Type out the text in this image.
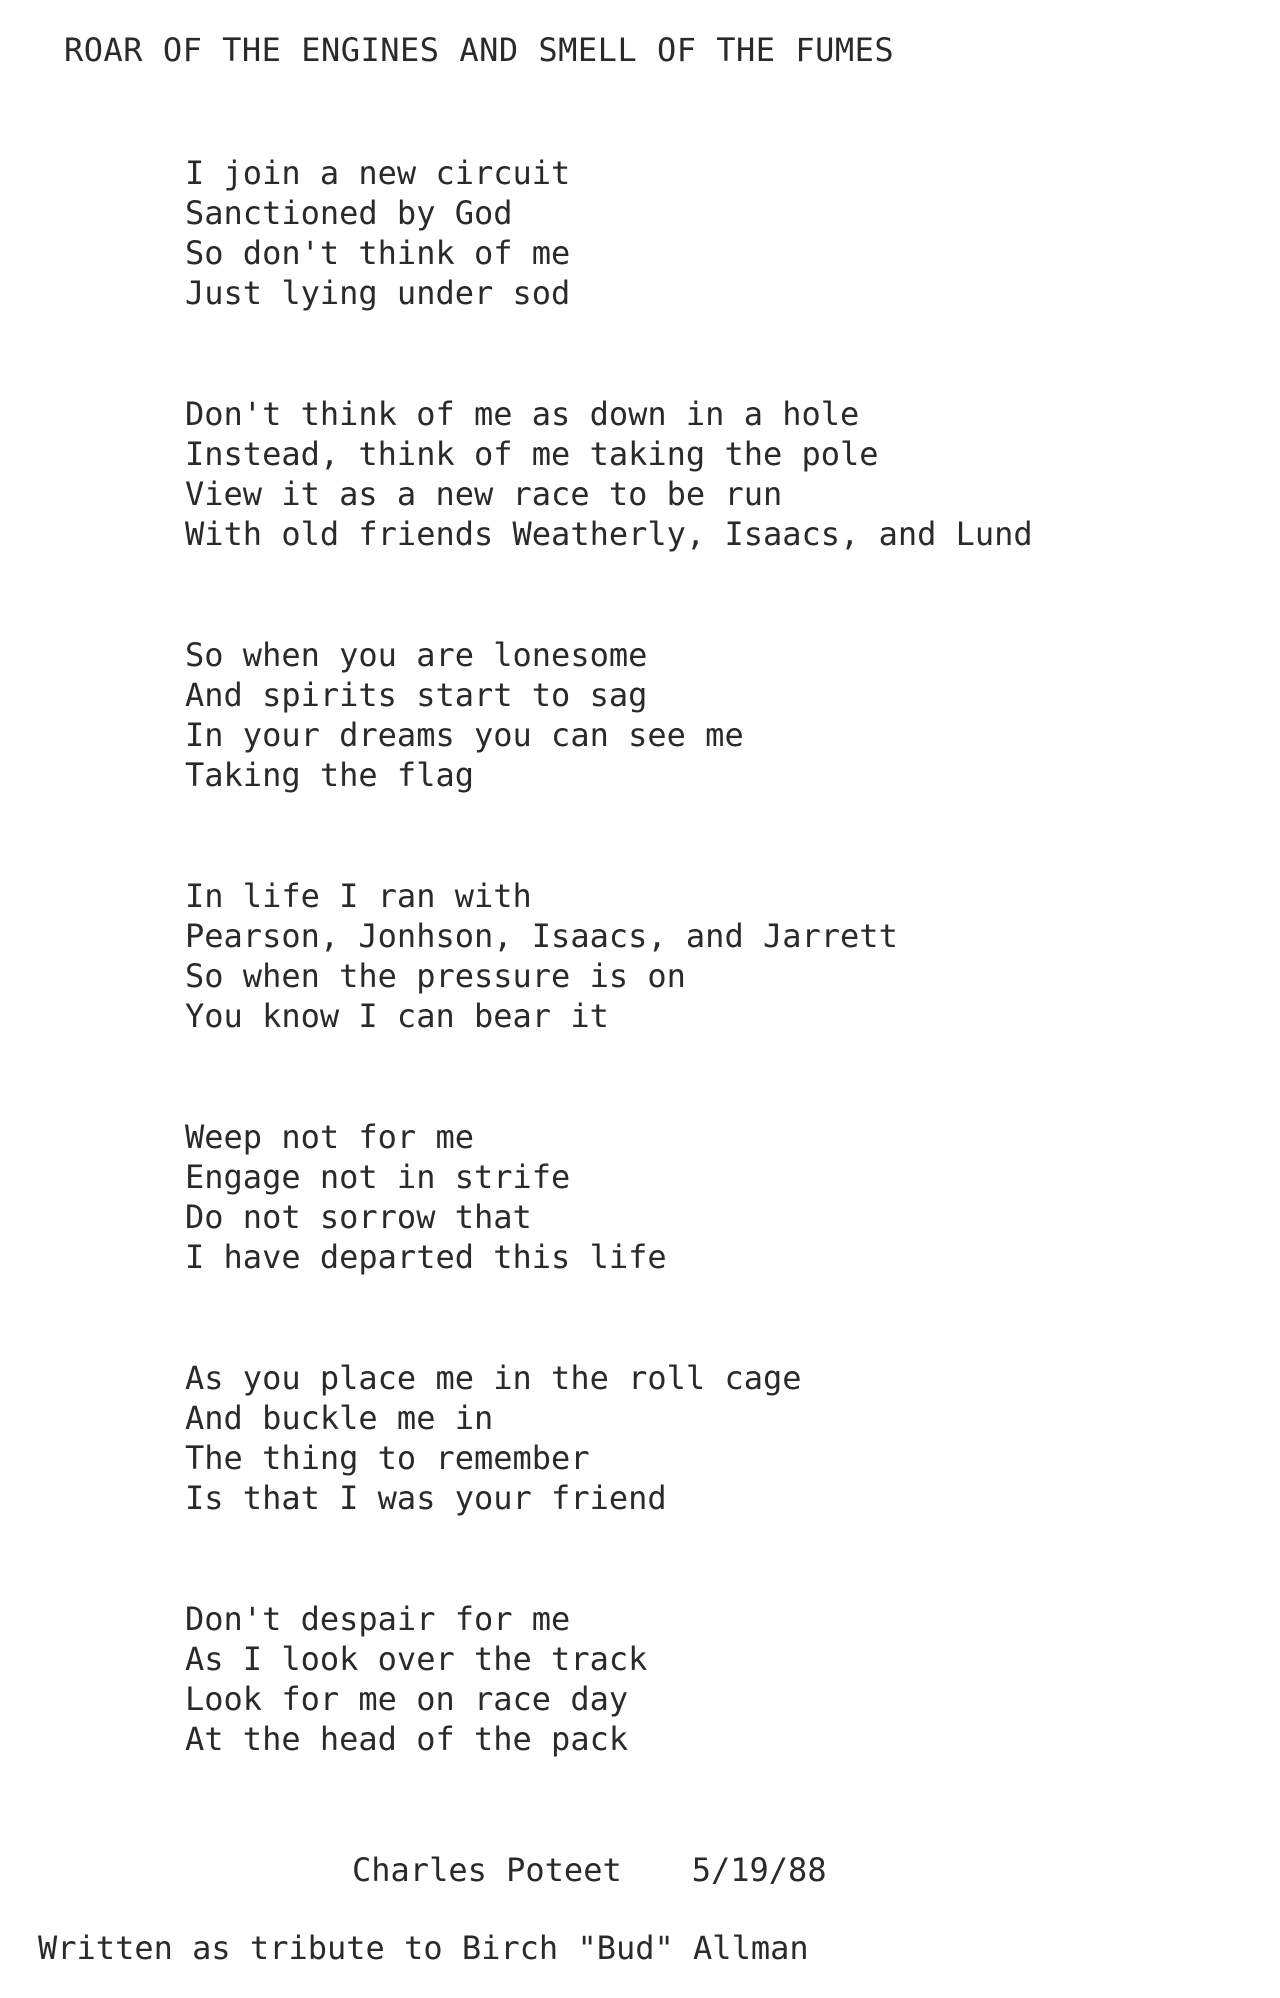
ROAR OF THE ENGINES AND SMELL OF THE FUMES
I join a new circuit
Sanctioned by God
So don't think of me
Just lying under sod
Don't think of me as down in a hole
Instead, think of me taking the pole
View it as a new race to be run
With old friends Weatherly, Isaacs, and Lund
So when you are lonesome
And spirits start to sag
In your dreams you can see me
Taking the flag
In life I ran with
Pearson, Jonhson, Isaacs, and Jarrett
So when the pressure is on
You know I can bear it
Weep not for me
Engage not in strife
Do not sorrow that
I have departed this life
As you place me in the roll cage
And buckle me in
The thing to remember
Is that I was your friend
Don't despair for me
As I look over the track
Look for me on race day
At the head of the pack
Charles Poteet 5/19/88
Written as tribute to Birch "Bud" Allman
